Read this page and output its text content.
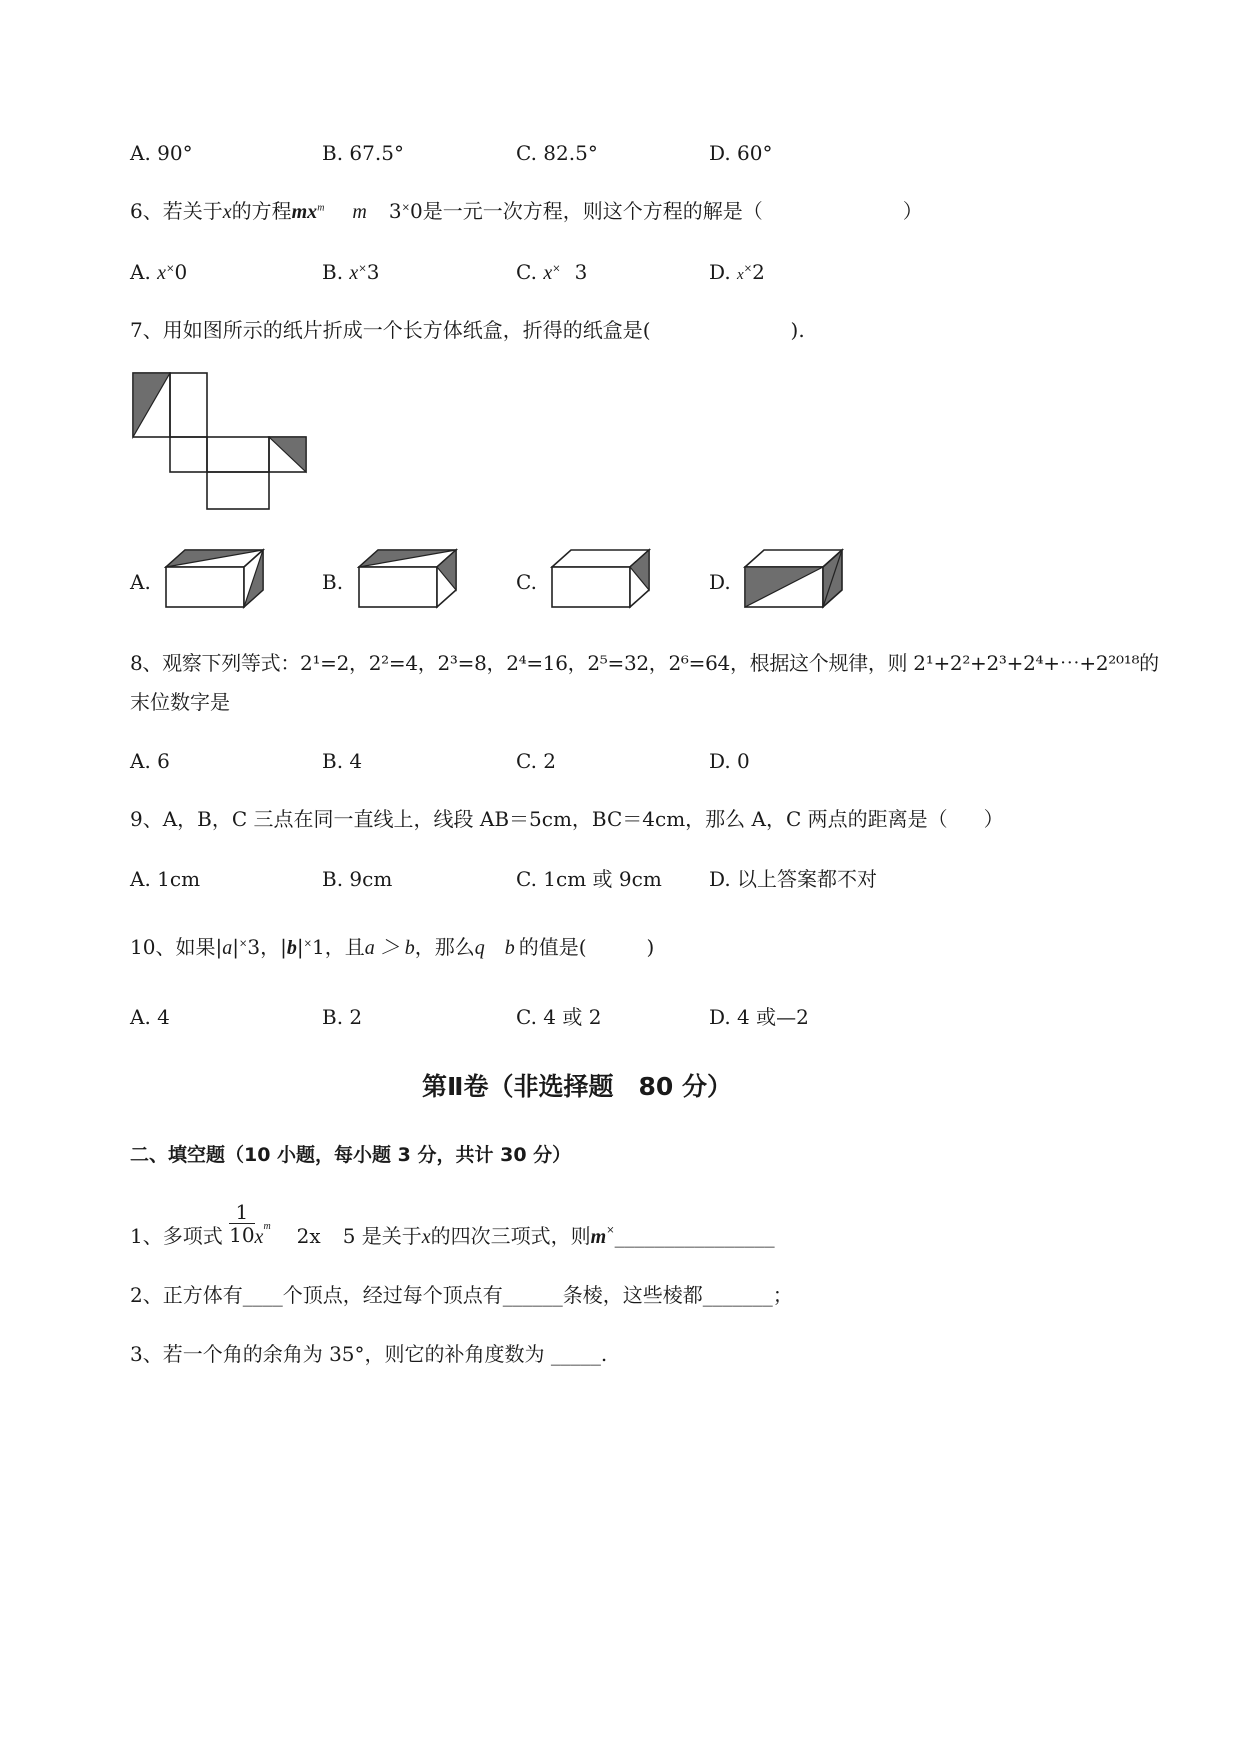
A. 90°	B. 67.5°	C. 82.5°	D. 60°
6、若关于x的方程$mx^m$ m 3×0是一元一次方程，则这个方程的解是（	）
A. x×0	B. x×3	C. x× 3	D. x×2
7、用如图所示的纸片折成一个长方体纸盒，折得的纸盒是(	).
A.	B.	C.	D.
8、观察下列等式：2¹=2，2²=4，2³=8，2⁴=16，2⁵=32，2⁶=64，根据这个规律，则 2¹+2²+2³+2⁴+⋯+2²⁰¹⁸的
末位数字是
A. 6	B. 4	C. 2	D. 0
9、A，B，C 三点在同一直线上，线段 AB＝5cm，BC＝4cm，那么 A，C 两点的距离是（ ）
A. 1cm	B. 9cm	C. 1cm 或 9cm D. 以上答案都不对
10、如果|a|×3，|b|×1，且a ＞ b，那么q b 的值是(	)
A. 4	B. 2	C. 4 或 2	D. 4 或—2
第Ⅱ卷（非选择题　80 分）
二、填空题（10 小题，每小题 3 分，共计 30 分）
1、多项式 $\frac{1}{10} x^m$ 2x 5 是关于x的四次三项式，则m×________________
2、正方体有____个顶点，经过每个顶点有______条棱，这些棱都_______；
3、若一个角的余角为 35°，则它的补角度数为 _____.
